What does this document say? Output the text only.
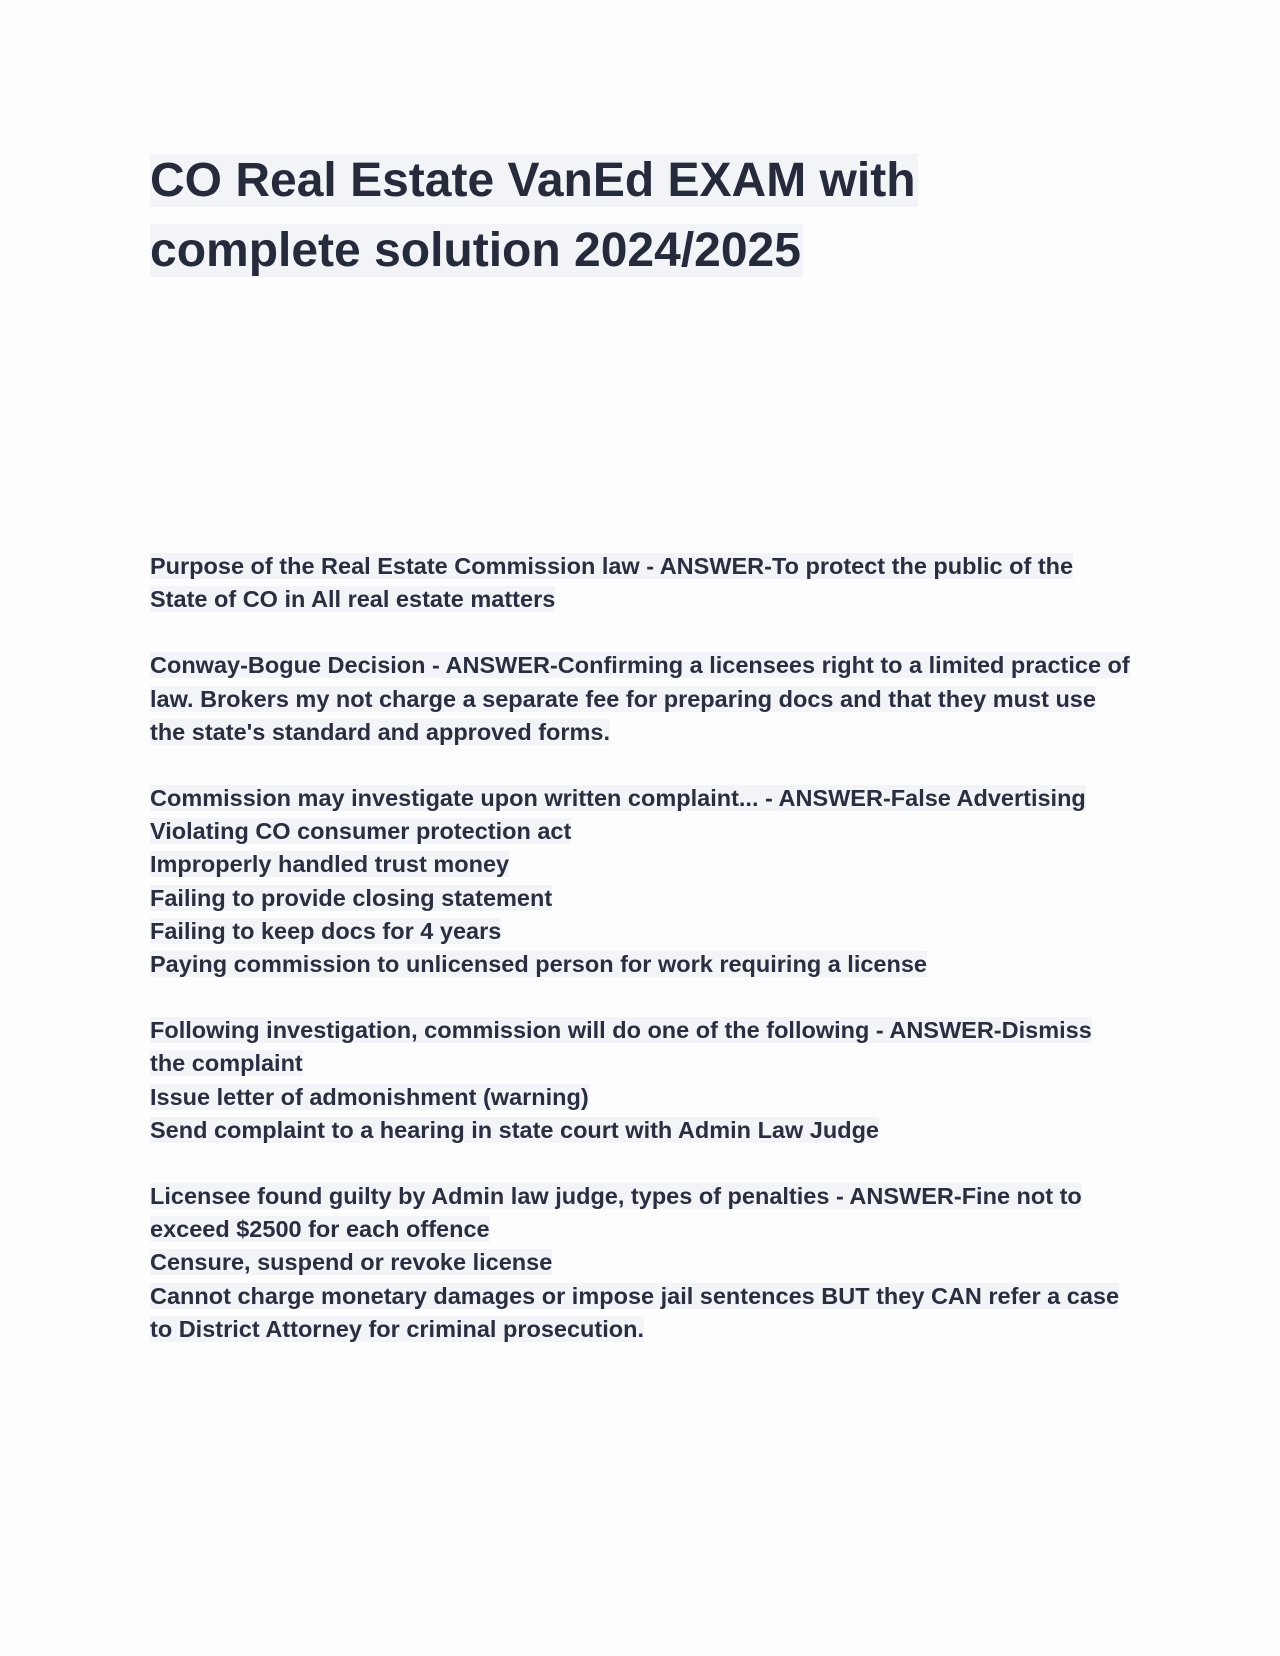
CO Real Estate VanEd EXAM with
complete solution 2024/2025
Purpose of the Real Estate Commission law - ANSWER-To protect the public of the State of CO in All real estate matters
Conway-Bogue Decision - ANSWER-Confirming a licensees right to a limited practice of law. Brokers my not charge a separate fee for preparing docs and that they must use the state's standard and approved forms.
Commission may investigate upon written complaint... - ANSWER-False Advertising
Violating CO consumer protection act
Improperly handled trust money
Failing to provide closing statement
Failing to keep docs for 4 years
Paying commission to unlicensed person for work requiring a license
Following investigation, commission will do one of the following - ANSWER-Dismiss the complaint
Issue letter of admonishment (warning)
Send complaint to a hearing in state court with Admin Law Judge
Licensee found guilty by Admin law judge, types of penalties - ANSWER-Fine not to exceed $2500 for each offence
Censure, suspend or revoke license
Cannot charge monetary damages or impose jail sentences BUT they CAN refer a case to District Attorney for criminal prosecution.
